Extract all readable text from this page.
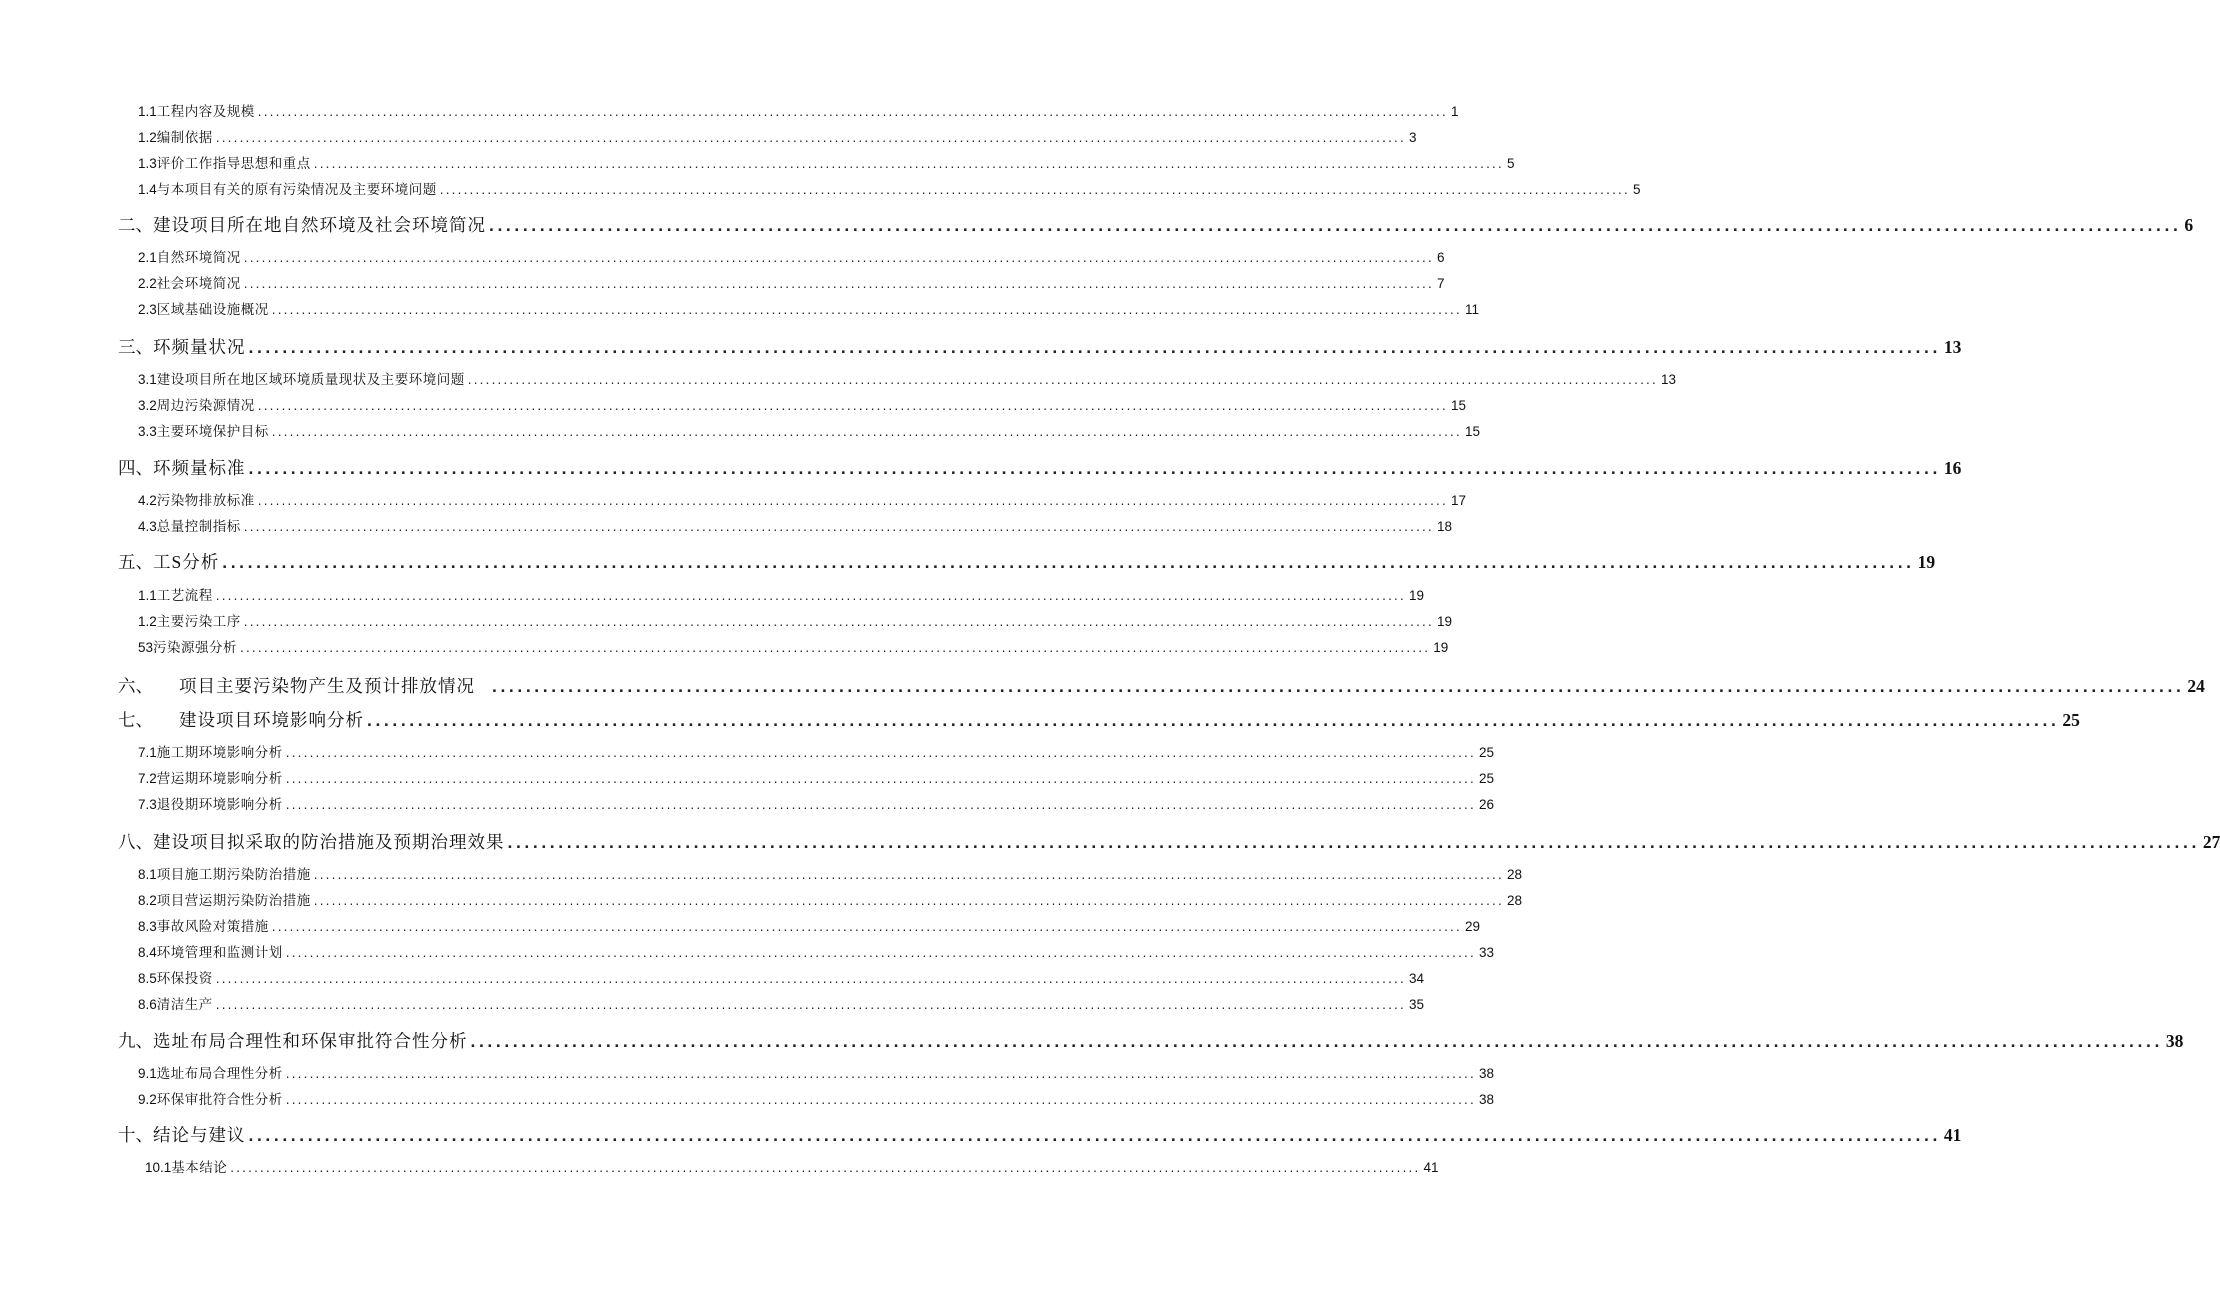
1.1 工程内容及规模 ........................................................................................................................................................................................................ 1
1.2 编制依据 ........................................................................................................................................................................................................ 3
1.3 评价工作指导思想和重点 ........................................................................................................................................................................................................ 5
1.4 与本项目有关的原有污染情况及主要环境问题 ........................................................................................................................................................................................................ 5
二、 建设项目所在地自然环境及社会环境简况 ........................................................................................................................................................................................................ 6
2.1 自然环境简况 ........................................................................................................................................................................................................ 6
2.2 社会环境简况 ........................................................................................................................................................................................................ 7
2.3 区域基础设施概况 ........................................................................................................................................................................................................ 11
三、 环频量状况 ........................................................................................................................................................................................................ 13
3.1 建设项目所在地区域环境质量现状及主要环境问题 ........................................................................................................................................................................................................ 13
3.2 周边污染源情况 ........................................................................................................................................................................................................ 15
3.3 主要环境保护目标 ........................................................................................................................................................................................................ 15
四、 环频量标准 ........................................................................................................................................................................................................ 16
4.2 污染物排放标准 ........................................................................................................................................................................................................ 17
4.3 总量控制指标 ........................................................................................................................................................................................................ 18
五、 工S分析 ........................................................................................................................................................................................................ 19
1.1 工艺流程 ........................................................................................................................................................................................................ 19
1.2 主要污染工序 ........................................................................................................................................................................................................ 19
53 污染源强分析 ........................................................................................................................................................................................................ 19
六、 项目主要污染物产生及预计排放情况 ........................................................................................................................................................................................................ 24
七、 建设项目环境影响分析 ........................................................................................................................................................................................................ 25
7.1 施工期环境影响分析 ........................................................................................................................................................................................................ 25
7.2 营运期环境影响分析 ........................................................................................................................................................................................................ 25
7.3 退役期环境影响分析 ........................................................................................................................................................................................................ 26
八、 建设项目拟采取的防治措施及预期治理效果 ........................................................................................................................................................................................................ 27
8.1 项目施工期污染防治措施 ........................................................................................................................................................................................................ 28
8.2 项目营运期污染防治措施 ........................................................................................................................................................................................................ 28
8.3 事故风险对策措施 ........................................................................................................................................................................................................ 29
8.4 环境管理和监测计划 ........................................................................................................................................................................................................ 33
8.5 环保投资 ........................................................................................................................................................................................................ 34
8.6 清洁生产 ........................................................................................................................................................................................................ 35
九、 选址布局合理性和环保审批符合性分析 ........................................................................................................................................................................................................ 38
9.1 选址布局合理性分析 ........................................................................................................................................................................................................ 38
9.2 环保审批符合性分析 ........................................................................................................................................................................................................ 38
十、 结论与建议 ........................................................................................................................................................................................................ 41
10.1 基本结论 ........................................................................................................................................................................................................ 41
